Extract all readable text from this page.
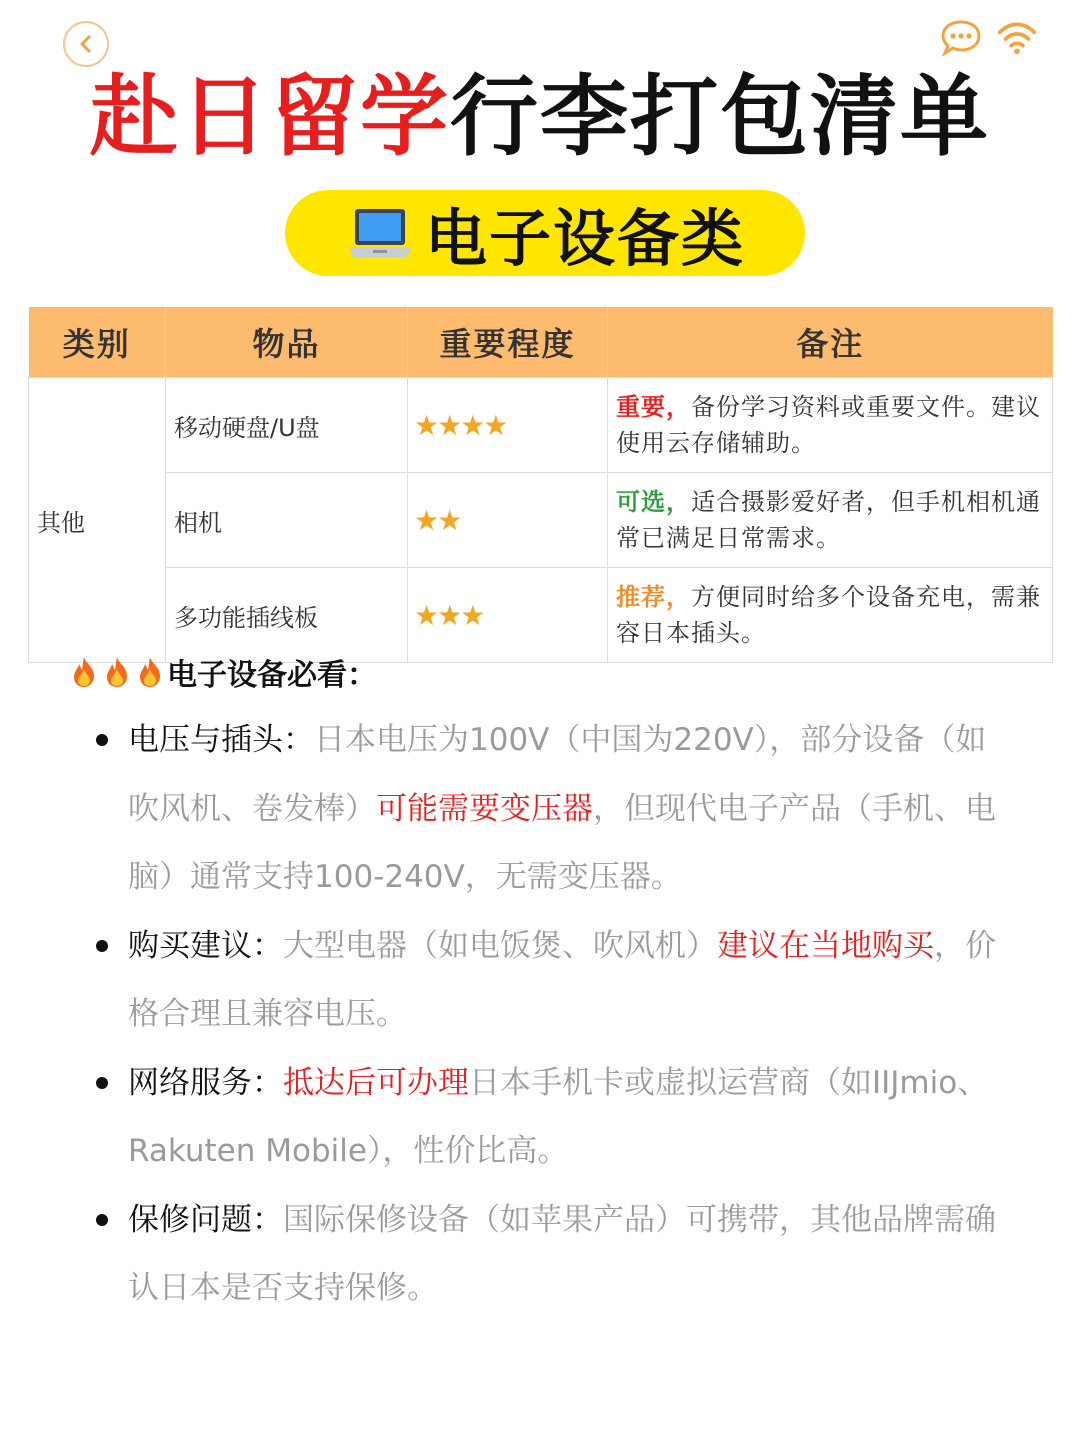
赴日留学行李打包清单
电子设备类
类别	物品	重要程度	备注
其他	移动硬盘/U盘	★★★★	重要，备份学习资料或重要文件。建议使用云存储辅助。
	相机	★★	可选，适合摄影爱好者，但手机相机通常已满足日常需求。
	多功能插线板	★★★	推荐，方便同时给多个设备充电，需兼容日本插头。
电子设备必看：
电压与插头：日本电压为100V（中国为220V），部分设备（如吹风机、卷发棒）可能需要变压器，但现代电子产品（手机、电脑）通常支持100-240V，无需变压器。
购买建议：大型电器（如电饭煲、吹风机）建议在当地购买，价格合理且兼容电压。
网络服务：抵达后可办理日本手机卡或虚拟运营商（如IIJmio、Rakuten Mobile），性价比高。
保修问题：国际保修设备（如苹果产品）可携带，其他品牌需确认日本是否支持保修。
